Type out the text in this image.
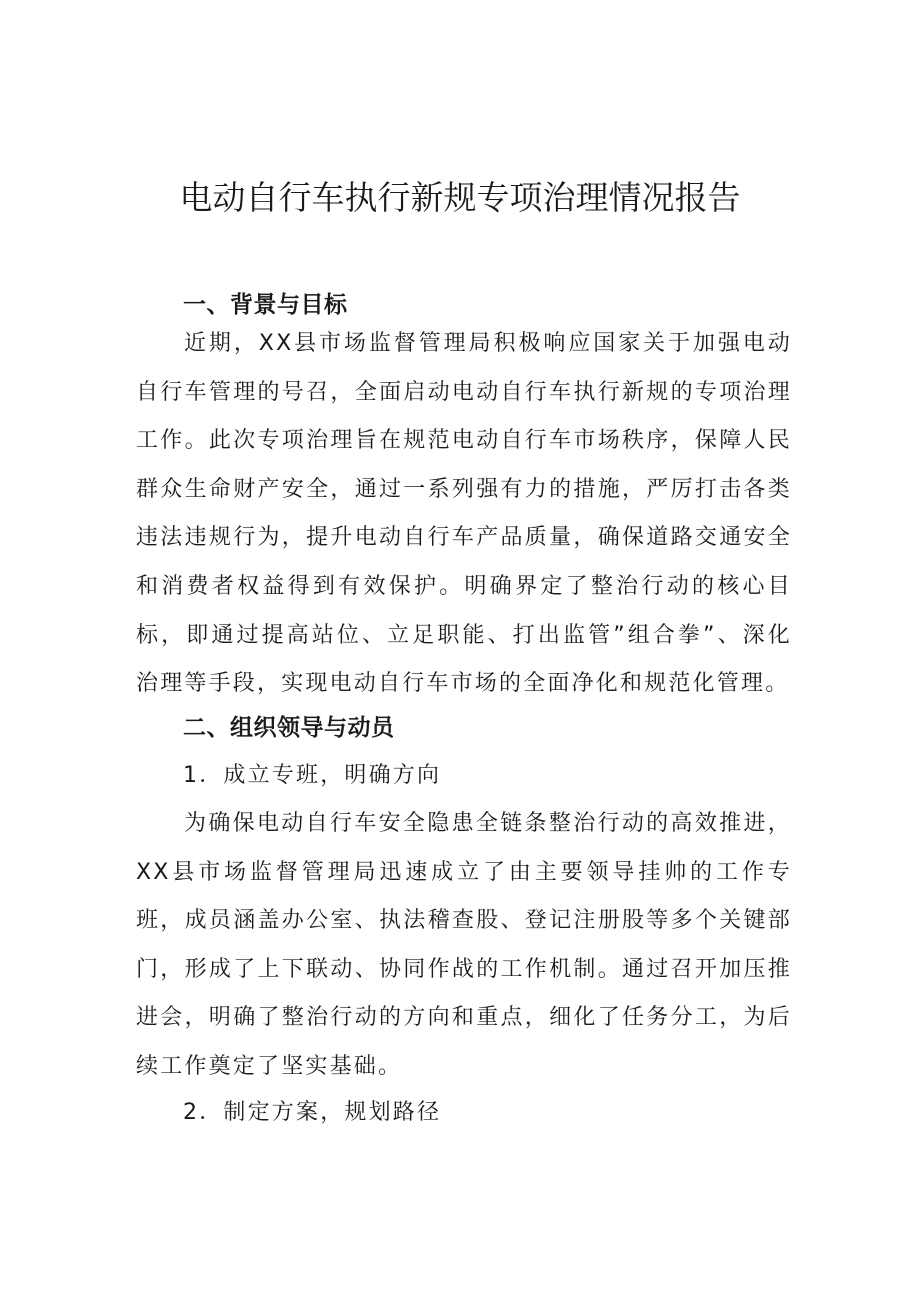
电动自行车执行新规专项治理情况报告
一、背景与目标

近期，XX县市场监督管理局积极响应国家关于加强电动自行车管理的号召，全面启动电动自行车执行新规的专项治理工作。此次专项治理旨在规范电动自行车市场秩序，保障人民群众生命财产安全，通过一系列强有力的措施，严厉打击各类违法违规行为，提升电动自行车产品质量，确保道路交通安全和消费者权益得到有效保护。明确界定了整治行动的核心目标，即通过提高站位、立足职能、打出监管”组合拳”、深化治理等手段，实现电动自行车市场的全面净化和规范化管理。

二、组织领导与动员

1．成立专班，明确方向

为确保电动自行车安全隐患全链条整治行动的高效推进，XX县市场监督管理局迅速成立了由主要领导挂帅的工作专班，成员涵盖办公室、执法稽查股、登记注册股等多个关键部门，形成了上下联动、协同作战的工作机制。通过召开加压推进会，明确了整治行动的方向和重点，细化了任务分工，为后续工作奠定了坚实基础。

2．制定方案，规划路径
